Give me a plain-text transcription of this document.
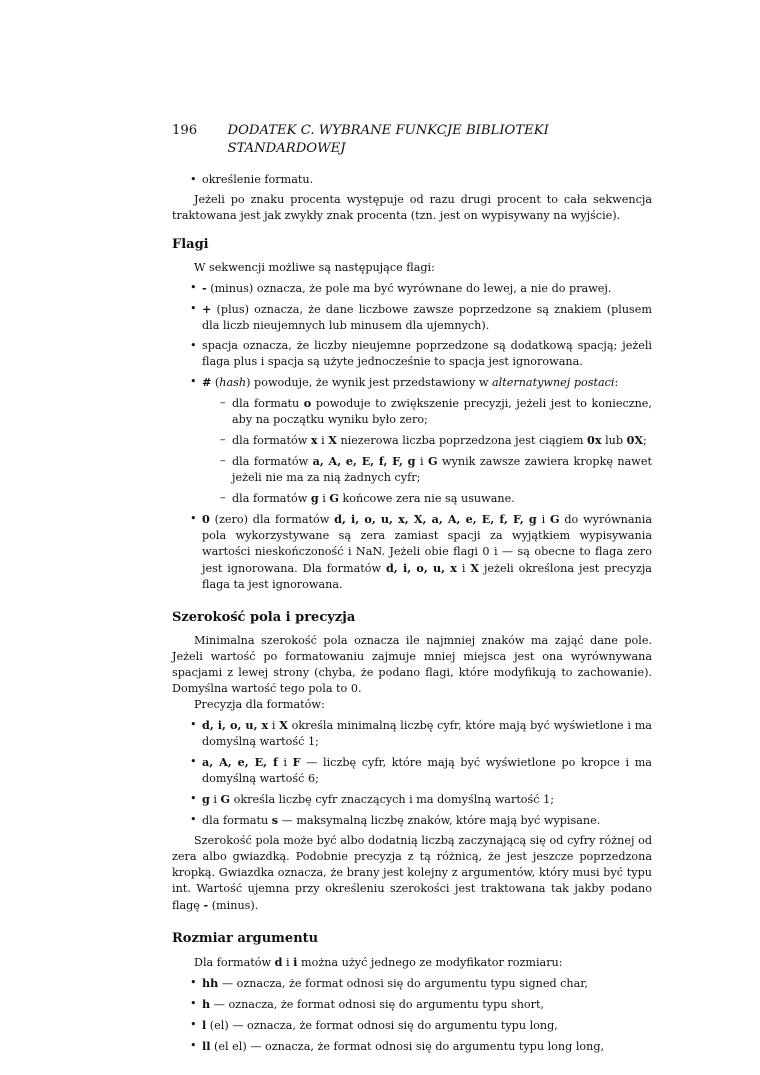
196	DODATEK C. WYBRANE FUNKCJE BIBLIOTEKI STANDARDOWEJ
• określenie formatu.

Jeżeli po znaku procenta występuje od razu drugi procent to cała sekwencja traktowana jest jak zwykły znak procenta (tzn. jest on wypisywany na wyjście).

Flagi

W sekwencji możliwe są następujące flagi:

• - (minus) oznacza, że pole ma być wyrównane do lewej, a nie do prawej.
• + (plus) oznacza, że dane liczbowe zawsze poprzedzone są znakiem (plusem dla liczb nieujemnych lub minusem dla ujemnych).
• spacja oznacza, że liczby nieujemne poprzedzone są dodatkową spacją; jeżeli flaga plus i spacja są użyte jednocześnie to spacja jest ignorowana.
• # (hash) powoduje, że wynik jest przedstawiony w alternatywnej postaci:
– dla formatu o powoduje to zwiększenie precyzji, jeżeli jest to konieczne, aby na początku wyniku było zero;
– dla formatów x i X niezerowa liczba poprzedzona jest ciągiem 0x lub 0X;
– dla formatów a, A, e, E, f, F, g i G wynik zawsze zawiera kropkę nawet jeżeli nie ma za nią żadnych cyfr;
– dla formatów g i G końcowe zera nie są usuwane.
• 0 (zero) dla formatów d, i, o, u, x, X, a, A, e, E, f, F, g i G do wyrównania pola wykorzystywane są zera zamiast spacji za wyjątkiem wypisywania wartości nieskończoność i NaN. Jeżeli obie flagi 0 i — są obecne to flaga zero jest ignorowana. Dla formatów d, i, o, u, x i X jeżeli określona jest precyzja flaga ta jest ignorowana.
Szerokość pola i precyzja

Minimalna szerokość pola oznacza ile najmniej znaków ma zająć dane pole. Jeżeli wartość po formatowaniu zajmuje mniej miejsca jest ona wyrównywana spacjami z lewej strony (chyba, że podano flagi, które modyfikują to zachowanie). Domyślna wartość tego pola to 0.

Precyzja dla formatów:

• d, i, o, u, x i X określa minimalną liczbę cyfr, które mają być wyświetlone i ma domyślną wartość 1;
• a, A, e, E, f i F — liczbę cyfr, które mają być wyświetlone po kropce i ma domyślną wartość 6;
• g i G określa liczbę cyfr znaczących i ma domyślną wartość 1;
• dla formatu s — maksymalną liczbę znaków, które mają być wypisane.

Szerokość pola może być albo dodatnią liczbą zaczynającą się od cyfry różnej od zera albo gwiazdką. Podobnie precyzja z tą różnicą, że jest jeszcze poprzedzona kropką. Gwiazdka oznacza, że brany jest kolejny z argumentów, który musi być typu int. Wartość ujemna przy określeniu szerokości jest traktowana tak jakby podano flagę - (minus).

Rozmiar argumentu

Dla formatów d i i można użyć jednego ze modyfikator rozmiaru:

• hh — oznacza, że format odnosi się do argumentu typu signed char,
• h — oznacza, że format odnosi się do argumentu typu short,
• l (el) — oznacza, że format odnosi się do argumentu typu long,
• ll (el el) — oznacza, że format odnosi się do argumentu typu long long,
